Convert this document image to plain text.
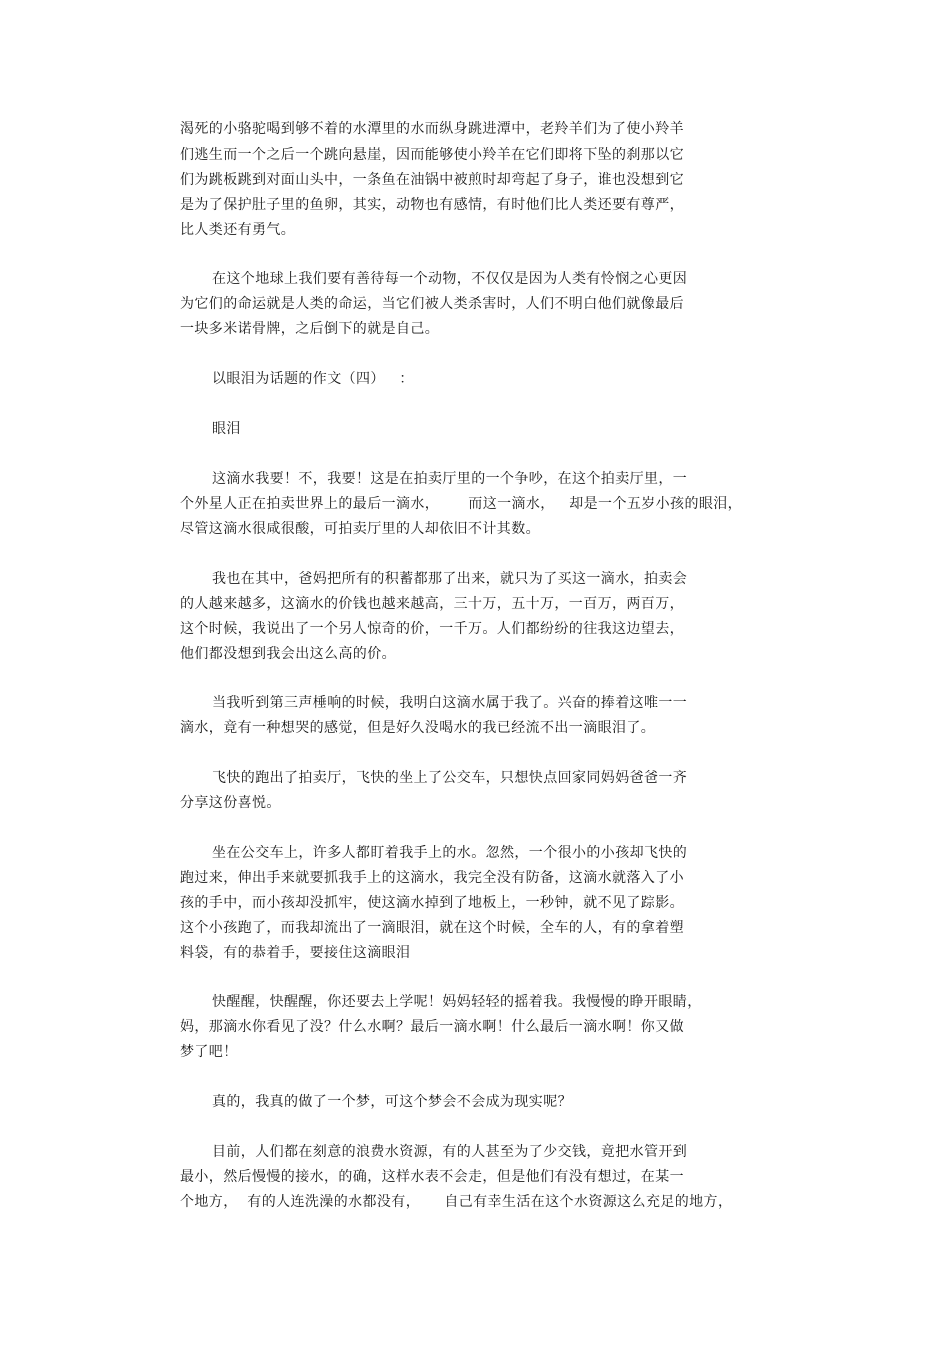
渴死的小骆驼喝到够不着的水潭里的水而纵身跳进潭中，老羚羊们为了使小羚羊
们逃生而一个之后一个跳向悬崖，因而能够使小羚羊在它们即将下坠的刹那以它
们为跳板跳到对面山头中，一条鱼在油锅中被煎时却弯起了身子，谁也没想到它
是为了保护肚子里的鱼卵，其实，动物也有感情，有时他们比人类还要有尊严，
比人类还有勇气。
在这个地球上我们要有善待每一个动物，不仅仅是因为人类有怜悯之心更因
为它们的命运就是人类的命运，当它们被人类杀害时，人们不明白他们就像最后
一块多米诺骨牌，之后倒下的就是自己。
以眼泪为话题的作文（四）   ：
眼泪
这滴水我要！不，我要！这是在拍卖厅里的一个争吵，在这个拍卖厅里，一
个外星人正在拍卖世界上的最后一滴水，      而这一滴水，   却是一个五岁小孩的眼泪，
尽管这滴水很咸很酸，可拍卖厅里的人却依旧不计其数。
我也在其中，爸妈把所有的积蓄都那了出来，就只为了买这一滴水，拍卖会
的人越来越多，这滴水的价钱也越来越高，三十万，五十万，一百万，两百万，
这个时候，我说出了一个另人惊奇的价，一千万。人们都纷纷的往我这边望去，
他们都没想到我会出这么高的价。
当我听到第三声棰响的时候，我明白这滴水属于我了。兴奋的捧着这唯一一
滴水，竟有一种想哭的感觉，但是好久没喝水的我已经流不出一滴眼泪了。
飞快的跑出了拍卖厅，飞快的坐上了公交车，只想快点回家同妈妈爸爸一齐
分享这份喜悦。
坐在公交车上，许多人都盯着我手上的水。忽然，一个很小的小孩却飞快的
跑过来，伸出手来就要抓我手上的这滴水，我完全没有防备，这滴水就落入了小
孩的手中，而小孩却没抓牢，使这滴水掉到了地板上，一秒钟，就不见了踪影。
这个小孩跑了，而我却流出了一滴眼泪，就在这个时候，全车的人，有的拿着塑
料袋，有的恭着手，要接住这滴眼泪
快醒醒，快醒醒，你还要去上学呢！妈妈轻轻的摇着我。我慢慢的睁开眼睛，
妈，那滴水你看见了没？什么水啊？最后一滴水啊！什么最后一滴水啊！你又做
梦了吧！
真的，我真的做了一个梦，可这个梦会不会成为现实呢？
目前，人们都在刻意的浪费水资源，有的人甚至为了少交钱，竟把水管开到
最小，然后慢慢的接水，的确，这样水表不会走，但是他们有没有想过，在某一
个地方，  有的人连洗澡的水都没有，     自己有幸生活在这个水资源这么充足的地方，
